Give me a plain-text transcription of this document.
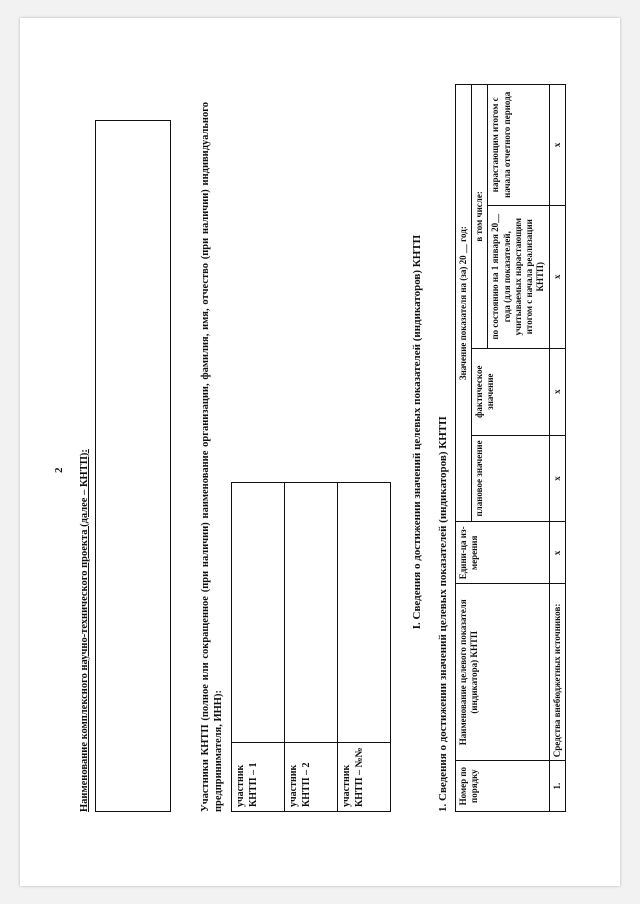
2 Наименование комплексного научно-технического проекта (далее – КНТП):	Участники КНТП (полное или сокращенное (при наличии) наименование организации, фамилия, имя, отчество (при наличии) индивидуального предпринимателя, ИНН): участник КНТП – 1	
участник КНТП – 2	
участник КНТП – №№	

I. Сведения о достижении значений целевых показателей (индикаторов) КНТП 1. Сведения о достижении значений целевых показателей (индикаторов) КНТП Номер по порядку	Наименование целевого показателя (индикатора) КНТП	Едини-ца из-мерения	Значение показателя на (за) 20 __ год:			
			плановое значение	фактическое значение	в том числе:	
					по состоянию на 1 января 20__ года (для показателей, учитываемых нарастающим итогом с начала реализации КНТП)	нарастающим итогом с начала отчетного периода
1.	Средства внебюджетных источников:	x	x	x	x	x
